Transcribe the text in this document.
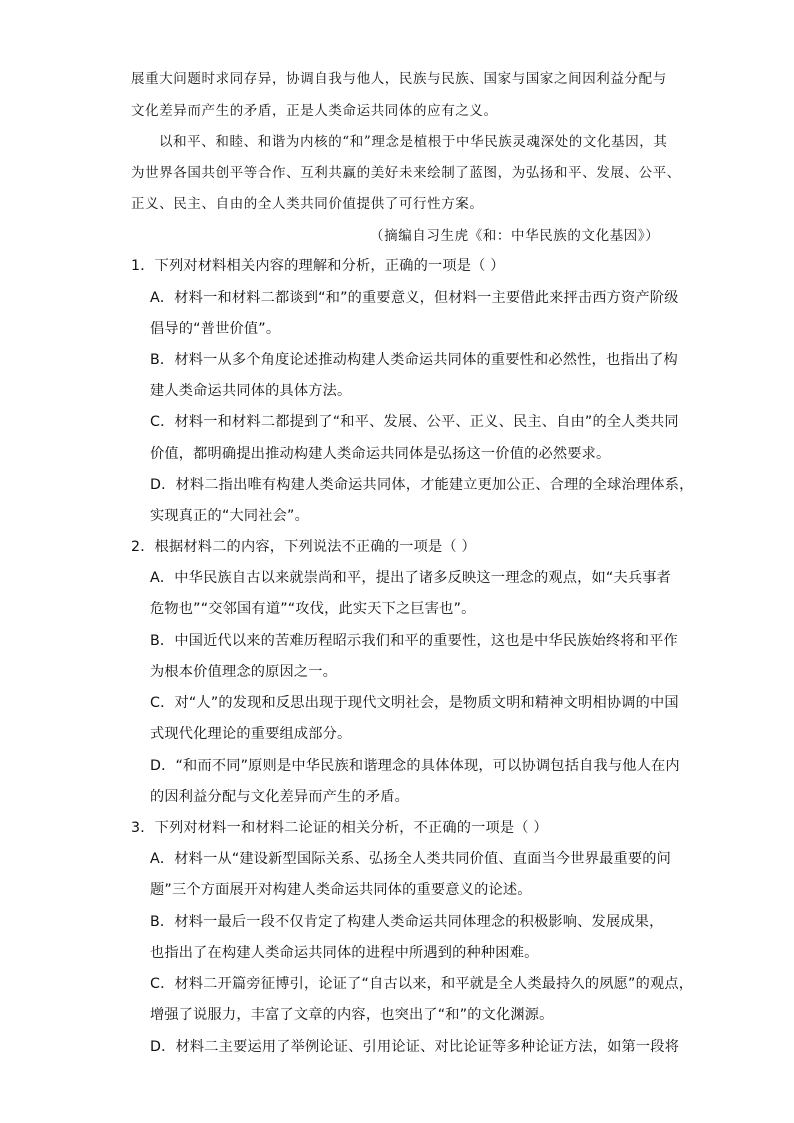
展重大问题时求同存异，协调自我与他人，民族与民族、国家与国家之间因利益分配与
文化差异而产生的矛盾，正是人类命运共同体的应有之义。
以和平、和睦、和谐为内核的“和”理念是植根于中华民族灵魂深处的文化基因，其
为世界各国共创平等合作、互利共赢的美好未来绘制了蓝图，为弘扬和平、发展、公平、
正义、民主、自由的全人类共同价值提供了可行性方案。
（摘编自习生虎《和：中华民族的文化基因》）
1．下列对材料相关内容的理解和分析，正确的一项是（ ）
A．材料一和材料二都谈到“和”的重要意义，但材料一主要借此来抨击西方资产阶级
倡导的“普世价值”。
B．材料一从多个角度论述推动构建人类命运共同体的重要性和必然性，也指出了构
建人类命运共同体的具体方法。
C．材料一和材料二都提到了“和平、发展、公平、正义、民主、自由”的全人类共同
价值，都明确提出推动构建人类命运共同体是弘扬这一价值的必然要求。
D．材料二指出唯有构建人类命运共同体，才能建立更加公正、合理的全球治理体系，
实现真正的“大同社会”。
2．根据材料二的内容，下列说法不正确的一项是（ ）
A．中华民族自古以来就崇尚和平，提出了诸多反映这一理念的观点，如“夫兵事者
危物也”“交邻国有道”“攻伐，此实天下之巨害也”。
B．中国近代以来的苦难历程昭示我们和平的重要性，这也是中华民族始终将和平作
为根本价值理念的原因之一。
C．对“人”的发现和反思出现于现代文明社会，是物质文明和精神文明相协调的中国
式现代化理论的重要组成部分。
D．“和而不同”原则是中华民族和谐理念的具体体现，可以协调包括自我与他人在内
的因利益分配与文化差异而产生的矛盾。
3．下列对材料一和材料二论证的相关分析，不正确的一项是（ ）
A．材料一从“建设新型国际关系、弘扬全人类共同价值、直面当今世界最重要的问
题”三个方面展开对构建人类命运共同体的重要意义的论述。
B．材料一最后一段不仅肯定了构建人类命运共同体理念的积极影响、发展成果，
也指出了在构建人类命运共同体的进程中所遇到的种种困难。
C．材料二开篇旁征博引，论证了“自古以来，和平就是全人类最持久的夙愿”的观点，
增强了说服力，丰富了文章的内容，也突出了“和”的文化渊源。
D．材料二主要运用了举例论证、引用论证、对比论证等多种论证方法，如第一段将
